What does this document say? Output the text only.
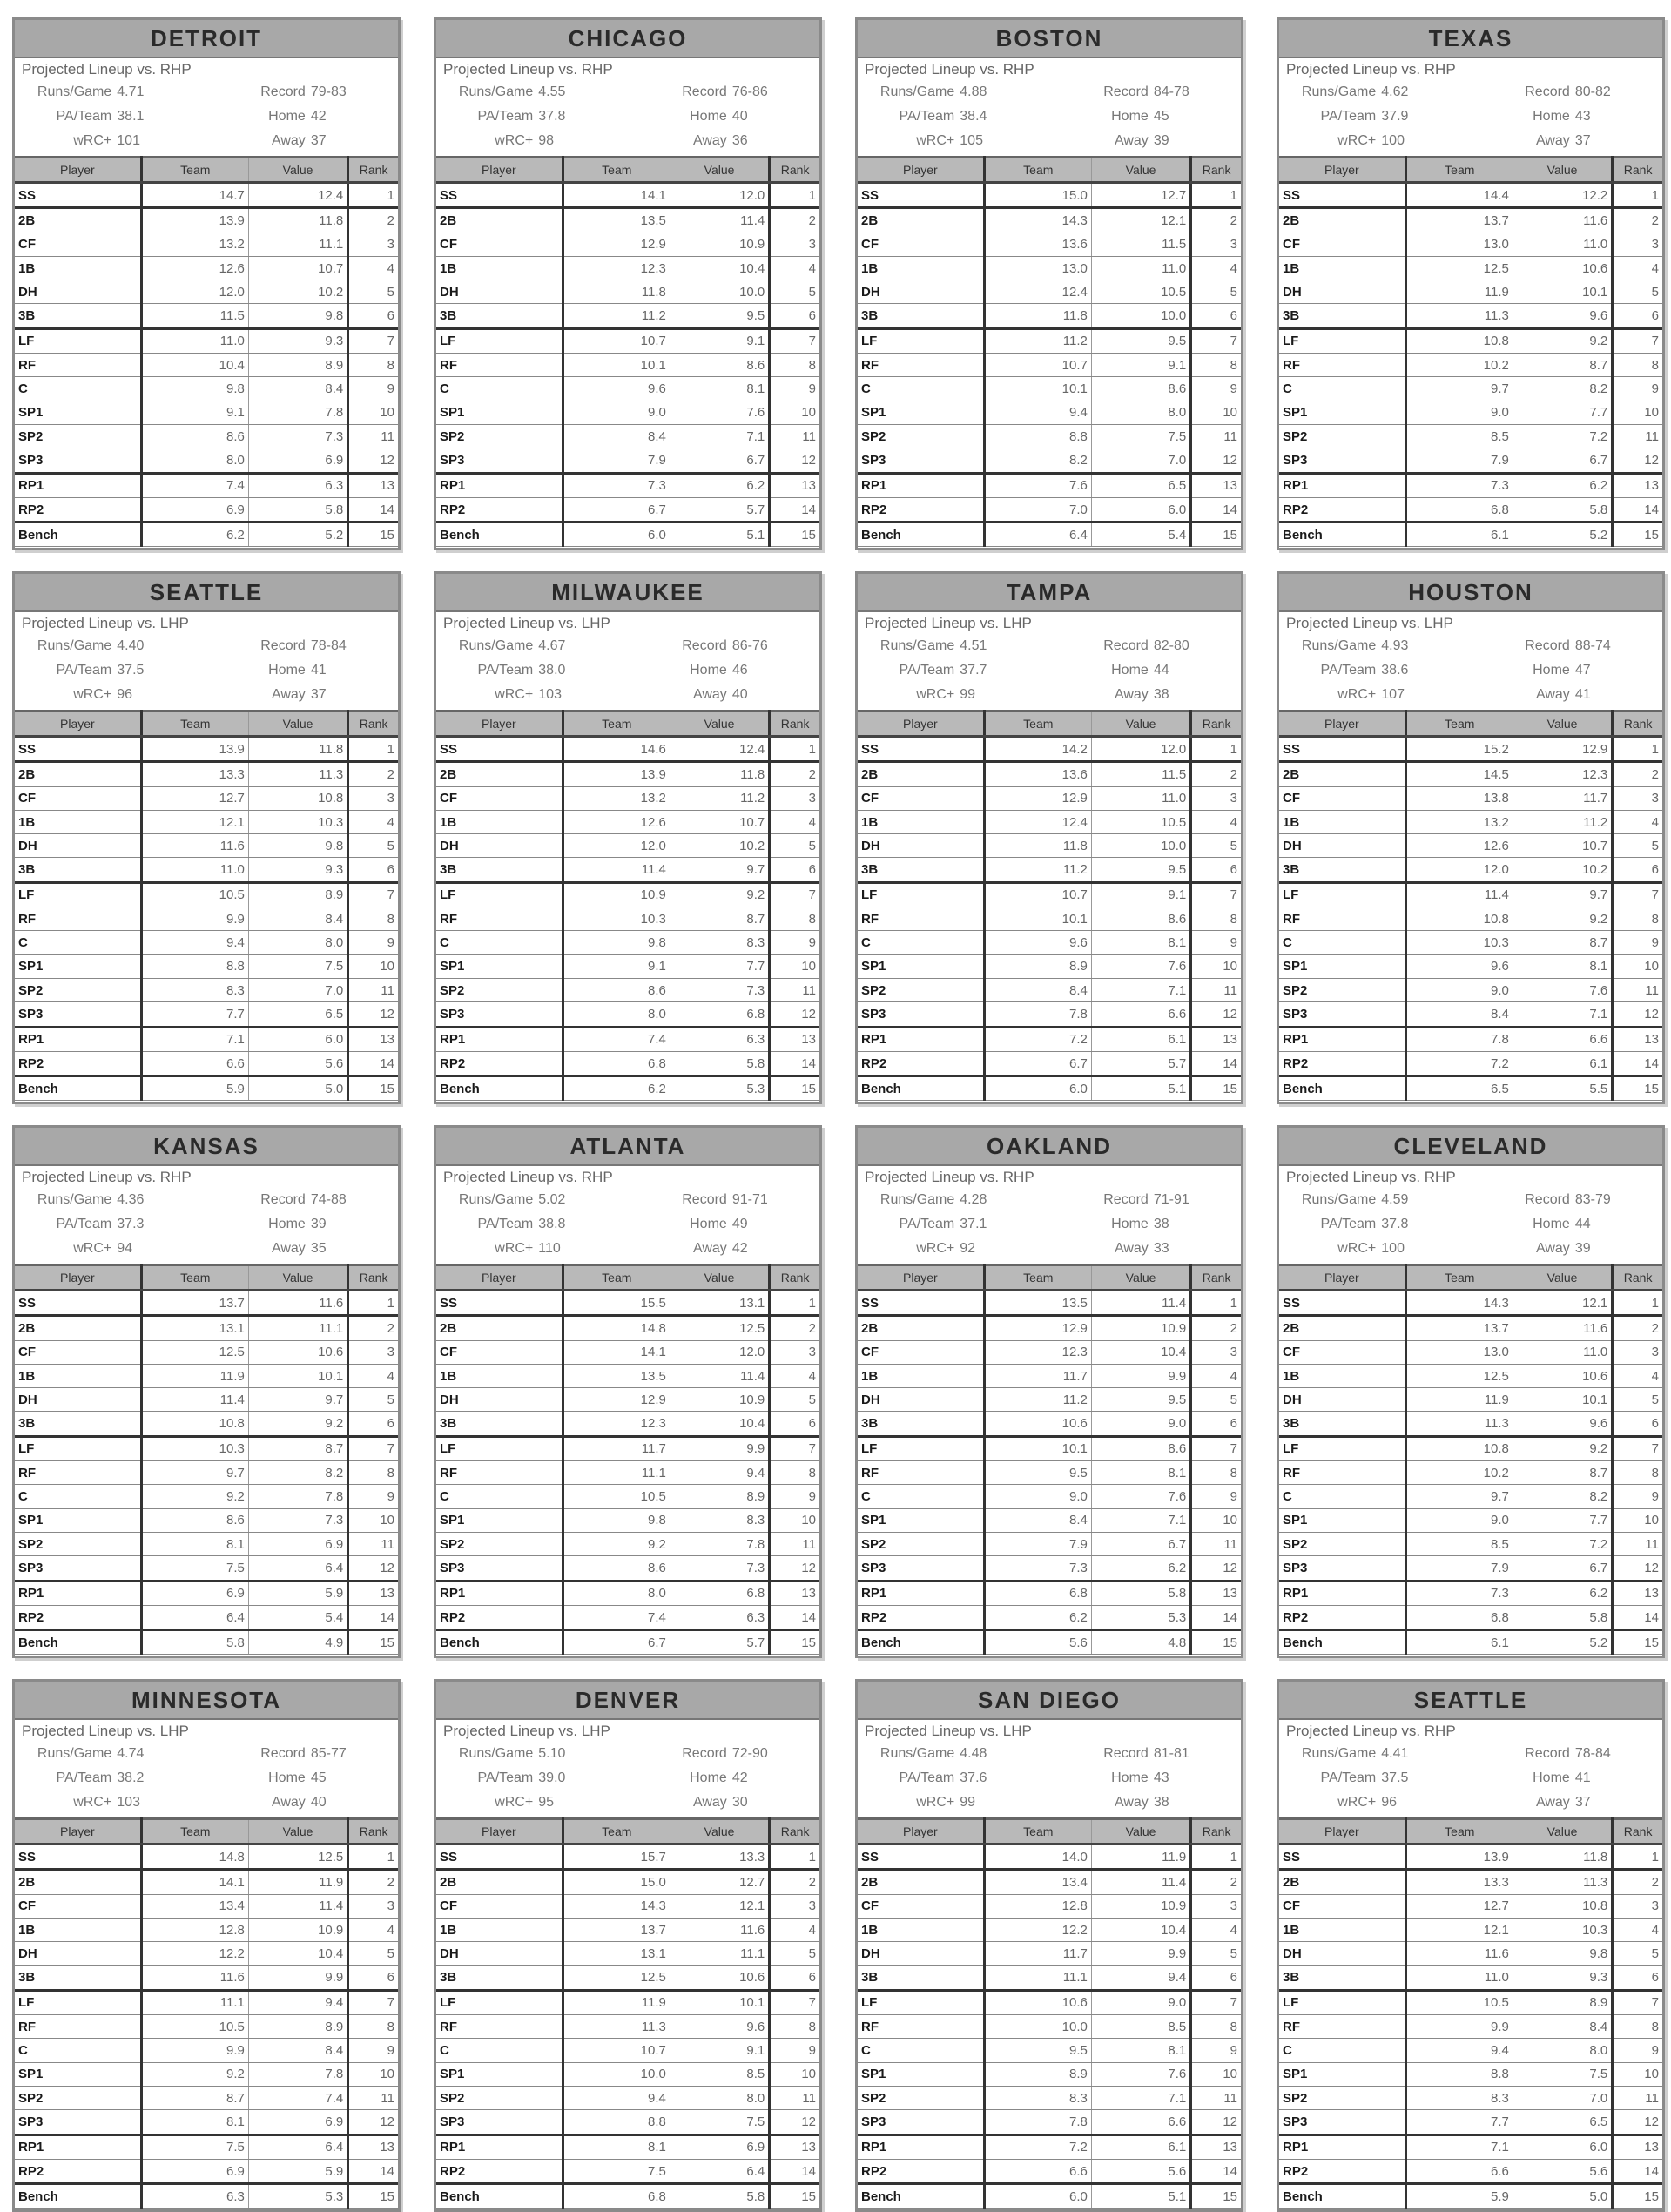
DETROIT
Projected Lineup vs. RHP
Runs/Game 4.71	Record 79-83
PA/Team 38.1	Home 42
wRC+ 101	Away 37
Player	Team	Value	Rank
SS	14.7	12.4	1
2B	13.9	11.8	2
CF	13.2	11.1	3
1B	12.6	10.7	4
DH	12.0	10.2	5
3B	11.5	9.8	6
LF	11.0	9.3	7
RF	10.4	8.9	8
C	9.8	8.4	9
SP1	9.1	7.8	10
SP2	8.6	7.3	11
SP3	8.0	6.9	12
RP1	7.4	6.3	13
RP2	6.9	5.8	14
Bench	6.2	5.2	15
CHICAGO
Projected Lineup vs. RHP
Runs/Game 4.55	Record 76-86
PA/Team 37.8	Home 40
wRC+ 98	Away 36
Player	Team	Value	Rank
SS	14.1	12.0	1
2B	13.5	11.4	2
CF	12.9	10.9	3
1B	12.3	10.4	4
DH	11.8	10.0	5
3B	11.2	9.5	6
LF	10.7	9.1	7
RF	10.1	8.6	8
C	9.6	8.1	9
SP1	9.0	7.6	10
SP2	8.4	7.1	11
SP3	7.9	6.7	12
RP1	7.3	6.2	13
RP2	6.7	5.7	14
Bench	6.0	5.1	15
BOSTON
Projected Lineup vs. RHP
Runs/Game 4.88	Record 84-78
PA/Team 38.4	Home 45
wRC+ 105	Away 39
Player	Team	Value	Rank
SS	15.0	12.7	1
2B	14.3	12.1	2
CF	13.6	11.5	3
1B	13.0	11.0	4
DH	12.4	10.5	5
3B	11.8	10.0	6
LF	11.2	9.5	7
RF	10.7	9.1	8
C	10.1	8.6	9
SP1	9.4	8.0	10
SP2	8.8	7.5	11
SP3	8.2	7.0	12
RP1	7.6	6.5	13
RP2	7.0	6.0	14
Bench	6.4	5.4	15
TEXAS
Projected Lineup vs. RHP
Runs/Game 4.62	Record 80-82
PA/Team 37.9	Home 43
wRC+ 100	Away 37
Player	Team	Value	Rank
SS	14.4	12.2	1
2B	13.7	11.6	2
CF	13.0	11.0	3
1B	12.5	10.6	4
DH	11.9	10.1	5
3B	11.3	9.6	6
LF	10.8	9.2	7
RF	10.2	8.7	8
C	9.7	8.2	9
SP1	9.0	7.7	10
SP2	8.5	7.2	11
SP3	7.9	6.7	12
RP1	7.3	6.2	13
RP2	6.8	5.8	14
Bench	6.1	5.2	15
SEATTLE
Projected Lineup vs. LHP
Runs/Game 4.40	Record 78-84
PA/Team 37.5	Home 41
wRC+ 96	Away 37
Player	Team	Value	Rank
SS	13.9	11.8	1
2B	13.3	11.3	2
CF	12.7	10.8	3
1B	12.1	10.3	4
DH	11.6	9.8	5
3B	11.0	9.3	6
LF	10.5	8.9	7
RF	9.9	8.4	8
C	9.4	8.0	9
SP1	8.8	7.5	10
SP2	8.3	7.0	11
SP3	7.7	6.5	12
RP1	7.1	6.0	13
RP2	6.6	5.6	14
Bench	5.9	5.0	15
MILWAUKEE
Projected Lineup vs. LHP
Runs/Game 4.67	Record 86-76
PA/Team 38.0	Home 46
wRC+ 103	Away 40
Player	Team	Value	Rank
SS	14.6	12.4	1
2B	13.9	11.8	2
CF	13.2	11.2	3
1B	12.6	10.7	4
DH	12.0	10.2	5
3B	11.4	9.7	6
LF	10.9	9.2	7
RF	10.3	8.7	8
C	9.8	8.3	9
SP1	9.1	7.7	10
SP2	8.6	7.3	11
SP3	8.0	6.8	12
RP1	7.4	6.3	13
RP2	6.8	5.8	14
Bench	6.2	5.3	15
TAMPA
Projected Lineup vs. LHP
Runs/Game 4.51	Record 82-80
PA/Team 37.7	Home 44
wRC+ 99	Away 38
Player	Team	Value	Rank
SS	14.2	12.0	1
2B	13.6	11.5	2
CF	12.9	11.0	3
1B	12.4	10.5	4
DH	11.8	10.0	5
3B	11.2	9.5	6
LF	10.7	9.1	7
RF	10.1	8.6	8
C	9.6	8.1	9
SP1	8.9	7.6	10
SP2	8.4	7.1	11
SP3	7.8	6.6	12
RP1	7.2	6.1	13
RP2	6.7	5.7	14
Bench	6.0	5.1	15
HOUSTON
Projected Lineup vs. LHP
Runs/Game 4.93	Record 88-74
PA/Team 38.6	Home 47
wRC+ 107	Away 41
Player	Team	Value	Rank
SS	15.2	12.9	1
2B	14.5	12.3	2
CF	13.8	11.7	3
1B	13.2	11.2	4
DH	12.6	10.7	5
3B	12.0	10.2	6
LF	11.4	9.7	7
RF	10.8	9.2	8
C	10.3	8.7	9
SP1	9.6	8.1	10
SP2	9.0	7.6	11
SP3	8.4	7.1	12
RP1	7.8	6.6	13
RP2	7.2	6.1	14
Bench	6.5	5.5	15
KANSAS
Projected Lineup vs. RHP
Runs/Game 4.36	Record 74-88
PA/Team 37.3	Home 39
wRC+ 94	Away 35
Player	Team	Value	Rank
SS	13.7	11.6	1
2B	13.1	11.1	2
CF	12.5	10.6	3
1B	11.9	10.1	4
DH	11.4	9.7	5
3B	10.8	9.2	6
LF	10.3	8.7	7
RF	9.7	8.2	8
C	9.2	7.8	9
SP1	8.6	7.3	10
SP2	8.1	6.9	11
SP3	7.5	6.4	12
RP1	6.9	5.9	13
RP2	6.4	5.4	14
Bench	5.8	4.9	15
ATLANTA
Projected Lineup vs. RHP
Runs/Game 5.02	Record 91-71
PA/Team 38.8	Home 49
wRC+ 110	Away 42
Player	Team	Value	Rank
SS	15.5	13.1	1
2B	14.8	12.5	2
CF	14.1	12.0	3
1B	13.5	11.4	4
DH	12.9	10.9	5
3B	12.3	10.4	6
LF	11.7	9.9	7
RF	11.1	9.4	8
C	10.5	8.9	9
SP1	9.8	8.3	10
SP2	9.2	7.8	11
SP3	8.6	7.3	12
RP1	8.0	6.8	13
RP2	7.4	6.3	14
Bench	6.7	5.7	15
OAKLAND
Projected Lineup vs. RHP
Runs/Game 4.28	Record 71-91
PA/Team 37.1	Home 38
wRC+ 92	Away 33
Player	Team	Value	Rank
SS	13.5	11.4	1
2B	12.9	10.9	2
CF	12.3	10.4	3
1B	11.7	9.9	4
DH	11.2	9.5	5
3B	10.6	9.0	6
LF	10.1	8.6	7
RF	9.5	8.1	8
C	9.0	7.6	9
SP1	8.4	7.1	10
SP2	7.9	6.7	11
SP3	7.3	6.2	12
RP1	6.8	5.8	13
RP2	6.2	5.3	14
Bench	5.6	4.8	15
CLEVELAND
Projected Lineup vs. RHP
Runs/Game 4.59	Record 83-79
PA/Team 37.8	Home 44
wRC+ 100	Away 39
Player	Team	Value	Rank
SS	14.3	12.1	1
2B	13.7	11.6	2
CF	13.0	11.0	3
1B	12.5	10.6	4
DH	11.9	10.1	5
3B	11.3	9.6	6
LF	10.8	9.2	7
RF	10.2	8.7	8
C	9.7	8.2	9
SP1	9.0	7.7	10
SP2	8.5	7.2	11
SP3	7.9	6.7	12
RP1	7.3	6.2	13
RP2	6.8	5.8	14
Bench	6.1	5.2	15
MINNESOTA
Projected Lineup vs. LHP
Runs/Game 4.74	Record 85-77
PA/Team 38.2	Home 45
wRC+ 103	Away 40
Player	Team	Value	Rank
SS	14.8	12.5	1
2B	14.1	11.9	2
CF	13.4	11.4	3
1B	12.8	10.9	4
DH	12.2	10.4	5
3B	11.6	9.9	6
LF	11.1	9.4	7
RF	10.5	8.9	8
C	9.9	8.4	9
SP1	9.2	7.8	10
SP2	8.7	7.4	11
SP3	8.1	6.9	12
RP1	7.5	6.4	13
RP2	6.9	5.9	14
Bench	6.3	5.3	15
DENVER
Projected Lineup vs. LHP
Runs/Game 5.10	Record 72-90
PA/Team 39.0	Home 42
wRC+ 95	Away 30
Player	Team	Value	Rank
SS	15.7	13.3	1
2B	15.0	12.7	2
CF	14.3	12.1	3
1B	13.7	11.6	4
DH	13.1	11.1	5
3B	12.5	10.6	6
LF	11.9	10.1	7
RF	11.3	9.6	8
C	10.7	9.1	9
SP1	10.0	8.5	10
SP2	9.4	8.0	11
SP3	8.8	7.5	12
RP1	8.1	6.9	13
RP2	7.5	6.4	14
Bench	6.8	5.8	15
SAN DIEGO
Projected Lineup vs. LHP
Runs/Game 4.48	Record 81-81
PA/Team 37.6	Home 43
wRC+ 99	Away 38
Player	Team	Value	Rank
SS	14.0	11.9	1
2B	13.4	11.4	2
CF	12.8	10.9	3
1B	12.2	10.4	4
DH	11.7	9.9	5
3B	11.1	9.4	6
LF	10.6	9.0	7
RF	10.0	8.5	8
C	9.5	8.1	9
SP1	8.9	7.6	10
SP2	8.3	7.1	11
SP3	7.8	6.6	12
RP1	7.2	6.1	13
RP2	6.6	5.6	14
Bench	6.0	5.1	15
SEATTLE
Projected Lineup vs. RHP
Runs/Game 4.41	Record 78-84
PA/Team 37.5	Home 41
wRC+ 96	Away 37
Player	Team	Value	Rank
SS	13.9	11.8	1
2B	13.3	11.3	2
CF	12.7	10.8	3
1B	12.1	10.3	4
DH	11.6	9.8	5
3B	11.0	9.3	6
LF	10.5	8.9	7
RF	9.9	8.4	8
C	9.4	8.0	9
SP1	8.8	7.5	10
SP2	8.3	7.0	11
SP3	7.7	6.5	12
RP1	7.1	6.0	13
RP2	6.6	5.6	14
Bench	5.9	5.0	15
